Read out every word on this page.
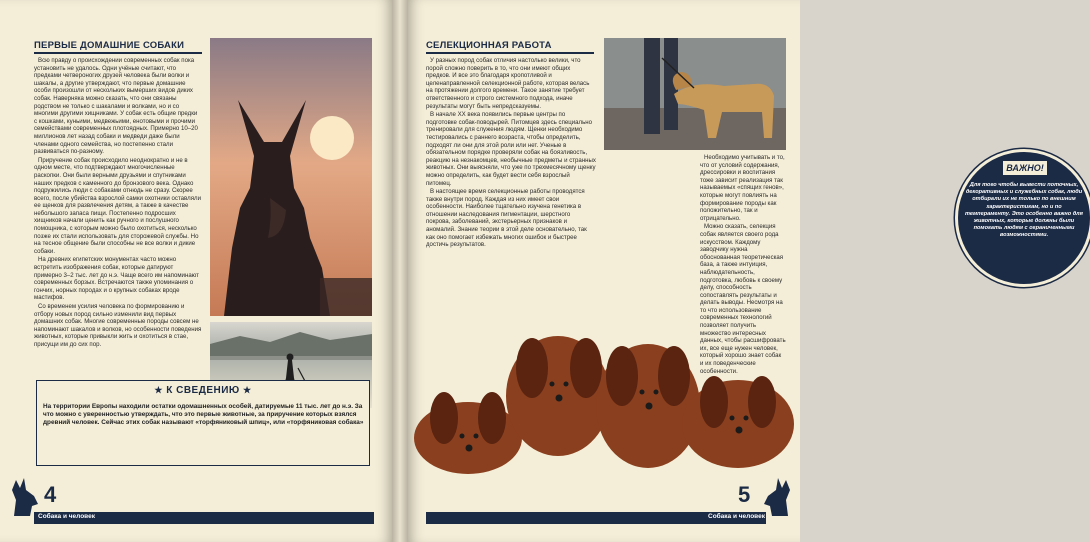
ПЕРВЫЕ ДОМАШНИЕ СОБАКИ

Всю правду о происхождении современных собак пока установить не удалось. Одни учёные считают, что предками четвероногих друзей человека были волки и шакалы, а другие утверждают, что первые домашние особи произошли от нескольких вымерших видов диких собак. Наверняка можно сказать, что они связаны родством не только с шакалами и волками, но и со многими другими хищниками. У собак есть общие предки с кошками, куньими, медвежьими, енотовыми и прочими семействами современных плотоядных. Примерно 10–20 миллионов лет назад собаки и медведи даже были членами одного семейства, но постепенно стали развиваться по-разному.

Приручение собак происходило неоднократно и не в одном месте, что подтверждают многочисленные раскопки. Они были верными друзьями и спутниками наших предков с каменного до бронзового века. Однако подружились люди с собаками отнюдь не сразу. Скорее всего, после убийства взрослой самки охотники оставляли ее щенков для развлечения детям, а также в качестве небольшого запаса пищи. Постепенно подросших хищников начали ценить как ручного и послушного помощника, с которым можно было охотиться, несколько позже их стали использовать для сторожевой службы. Но на тесное общение были способны не все волки и дикие собаки.

На древних египетских монументах часто можно встретить изображения собак, которые датируют примерно 3–2 тыс. лет до н.э. Чаще всего им напоминают современных борзых. Встречаются также упоминания о гончих, норных породах и о крупных собаках вроде мастифов.

Со временем усилия человека по формированию и отбору новых пород сильно изменили вид первых домашних собак. Многие современные породы совсем не напоминают шакалов и волков, но особенности поведения животных, которые привыкли жить и охотиться в стае, присущи им до сих пор.

★ К СВЕДЕНИЮ ★
На территории Европы находили остатки одомашненных особей, датируемые 11 тыс. лет до н.э. За что можно с уверенностью утверждать, что это первые животные, за приручение которых взялся древний человек. Сейчас этих собак называют «торфяниковый шпиц», или «торфяниковая собака»
4
Собака и человек
СЕЛЕКЦИОННАЯ РАБОТА

У разных пород собак отличия настолько велики, что порой сложно поверить в то, что они имеют общих предков. И все это благодаря кропотливой и целенаправленной селекционной работе, которая велась на протяжении долгого времени. Такое занятие требует ответственного и строго системного подхода, иначе результаты могут быть непредсказуемы.

В начале XX века появились первые центры по подготовке собак-поводырей. Питомцев здесь специально тренировали для служения людям. Щенки необходимо тестировались с раннего возраста, чтобы определить, подходят ли они для этой роли или нет. Ученые в обязательном порядке проверяли собак на боязливость, реакцию на незнакомцев, необычные предметы и странных животных. Они выясняли, что уже по трехмесячному щенку можно определить, как будет вести себя взрослый питомец.

В настоящее время селекционные работы проводятся также внутри пород. Каждая из них имеет свои особенности. Наиболее тщательно изучена генетика в отношении наследования пигментации, шерстного покрова, заболеваний, экстерьерных признаков и аномалий. Знание теории в этой деле основательно, так как оно помогает избежать многих ошибок и быстрее достичь результатов.

Необходимо учитывать и то, что от условий содержания, дрессировки и воспитания тоже зависит реализация так называемых «спящих генов», которые могут повлиять на формирование породы как положительно, так и отрицательно.

Можно сказать, селекция собак является своего рода искусством. Каждому заводчику нужна обоснованная теоретическая база, а также интуиция, наблюдательность, подготовка, любовь к своему делу, способность сопоставлять результаты и делать выводы. Несмотря на то что использование современных технологий позволяет получить множество интересных данных, чтобы расшифровать их, все еще нужен человек, который хорошо знает собак и их поведенческие особенности.

ВАЖНО!
Для того чтобы вывести поточных, декоративных и служебных собак, люди отбирали их не только по внешним характеристикам, но и по темпераменту. Это особенно важно для животных, которые должны были помогать людям с ограниченными возможностями.
Собака и человек
5
